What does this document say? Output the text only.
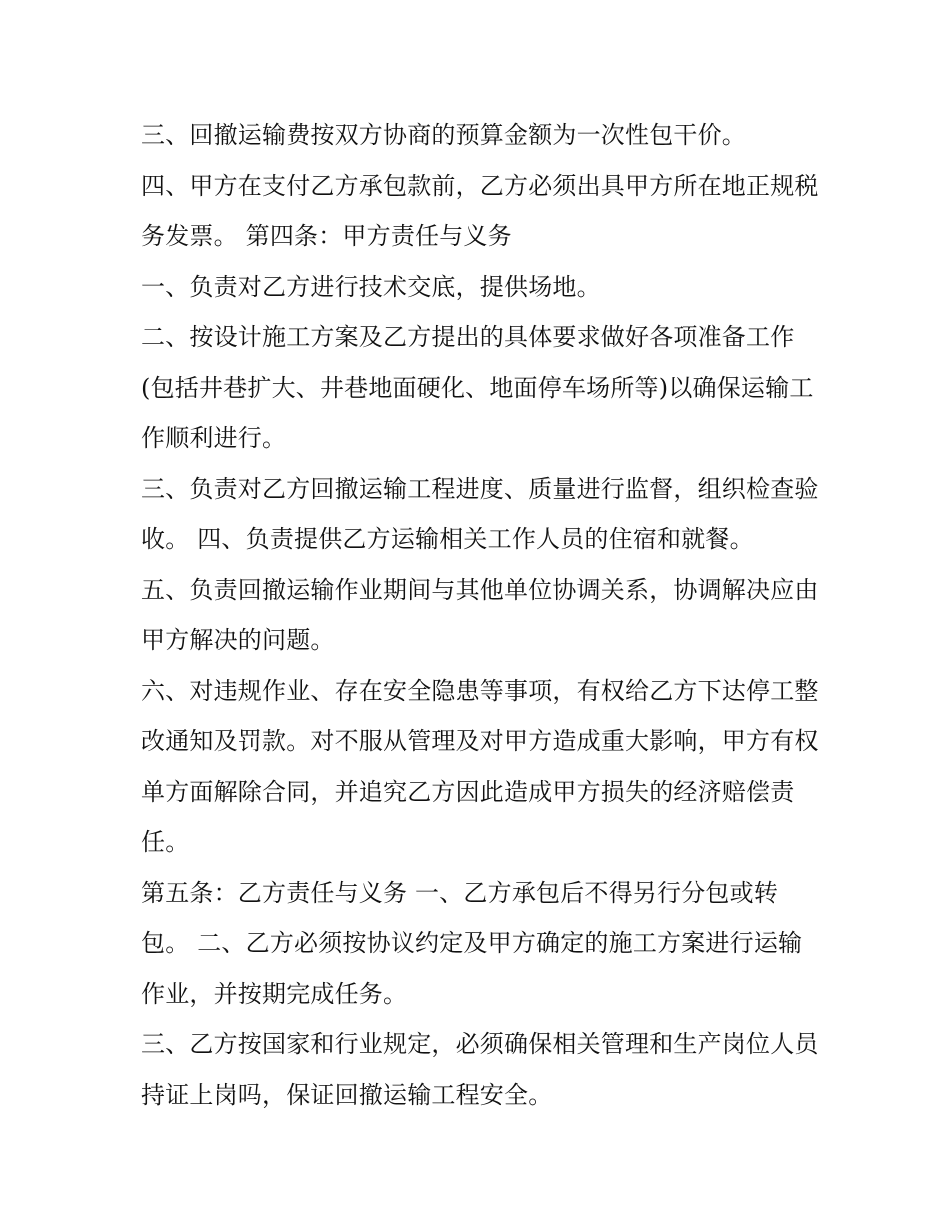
三、回撤运输费按双方协商的预算金额为一次性包干价。

四、甲方在支付乙方承包款前，乙方必须出具甲方所在地正规税务发票。 第四条：甲方责任与义务

一、负责对乙方进行技术交底，提供场地。

二、按设计施工方案及乙方提出的具体要求做好各项准备工作(包括井巷扩大、井巷地面硬化、地面停车场所等)以确保运输工作顺利进行。

三、负责对乙方回撤运输工程进度、质量进行监督，组织检查验收。 四、负责提供乙方运输相关工作人员的住宿和就餐。

五、负责回撤运输作业期间与其他单位协调关系，协调解决应由甲方解决的问题。

六、对违规作业、存在安全隐患等事项，有权给乙方下达停工整改通知及罚款。对不服从管理及对甲方造成重大影响，甲方有权单方面解除合同，并追究乙方因此造成甲方损失的经济赔偿责任。

第五条：乙方责任与义务 一、乙方承包后不得另行分包或转包。 二、乙方必须按协议约定及甲方确定的施工方案进行运输作业，并按期完成任务。

三、乙方按国家和行业规定，必须确保相关管理和生产岗位人员持证上岗吗，保证回撤运输工程安全。
